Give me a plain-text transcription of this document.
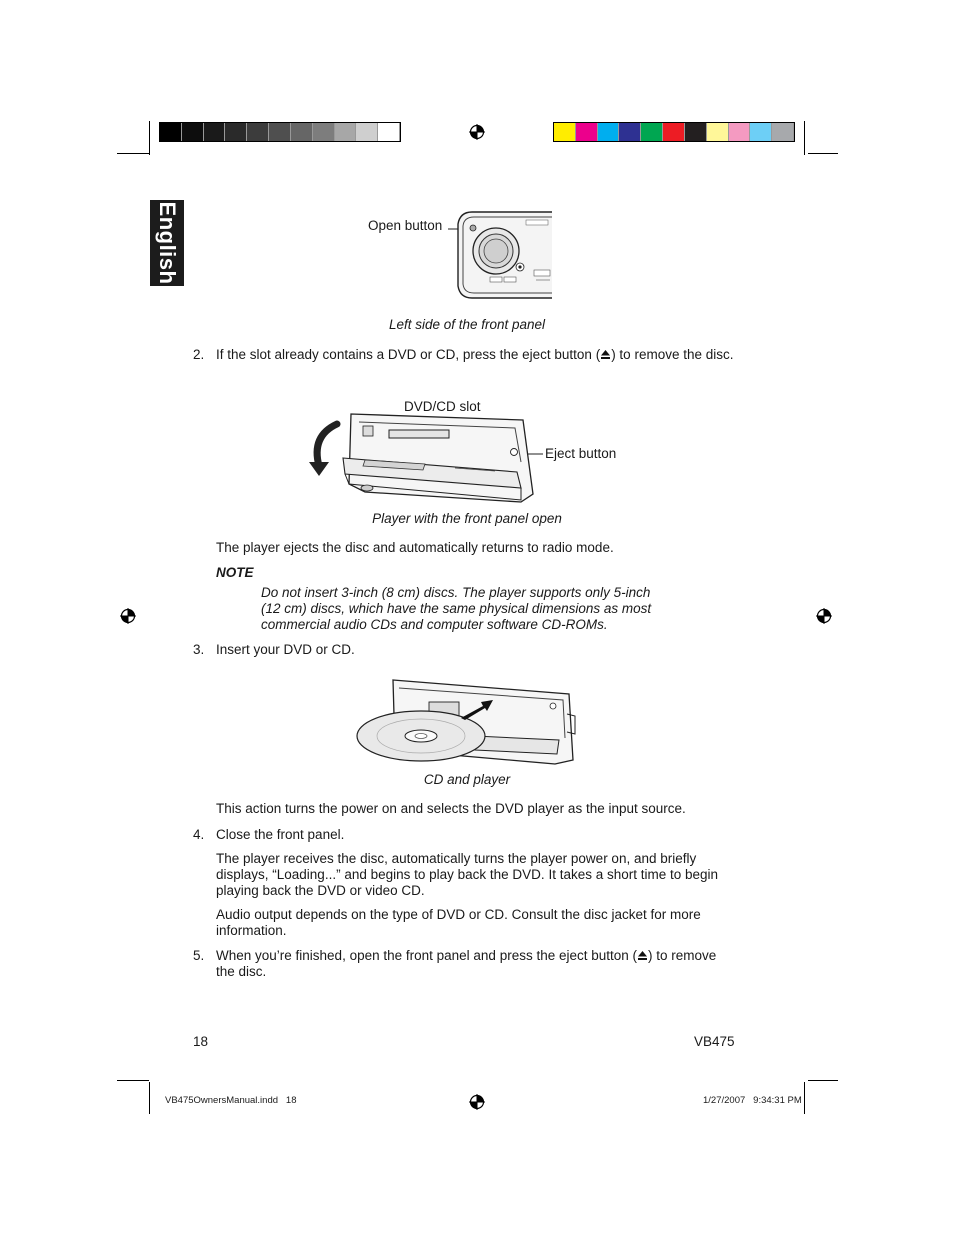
English	Open button
Left side of the front panel
2. If the slot already contains a DVD or CD, press the eject button ( ) to remove the disc.
DVD/CD slot
Eject button
Player with the front panel open
The player ejects the disc and automatically returns to radio mode.
NOTE
Do not insert 3-inch (8 cm) discs. The player supports only 5-inch
(12 cm) discs, which have the same physical dimensions as most
commercial audio CDs and computer software CD-ROMs.
3. Insert your DVD or CD.
CD and player
This action turns the power on and selects the DVD player as the input source.
4. Close the front panel.
The player receives the disc, automatically turns the player power on, and briefly
displays, “Loading...” and begins to play back the DVD. It takes a short time to begin
playing back the DVD or video CD.
Audio output depends on the type of DVD or CD. Consult the disc jacket for more
information.
5. When you’re finished, open the front panel and press the eject button ( ) to remove
the disc.
18	VB475
VB475OwnersManual.indd   18	1/27/2007   9:34:31 PM
